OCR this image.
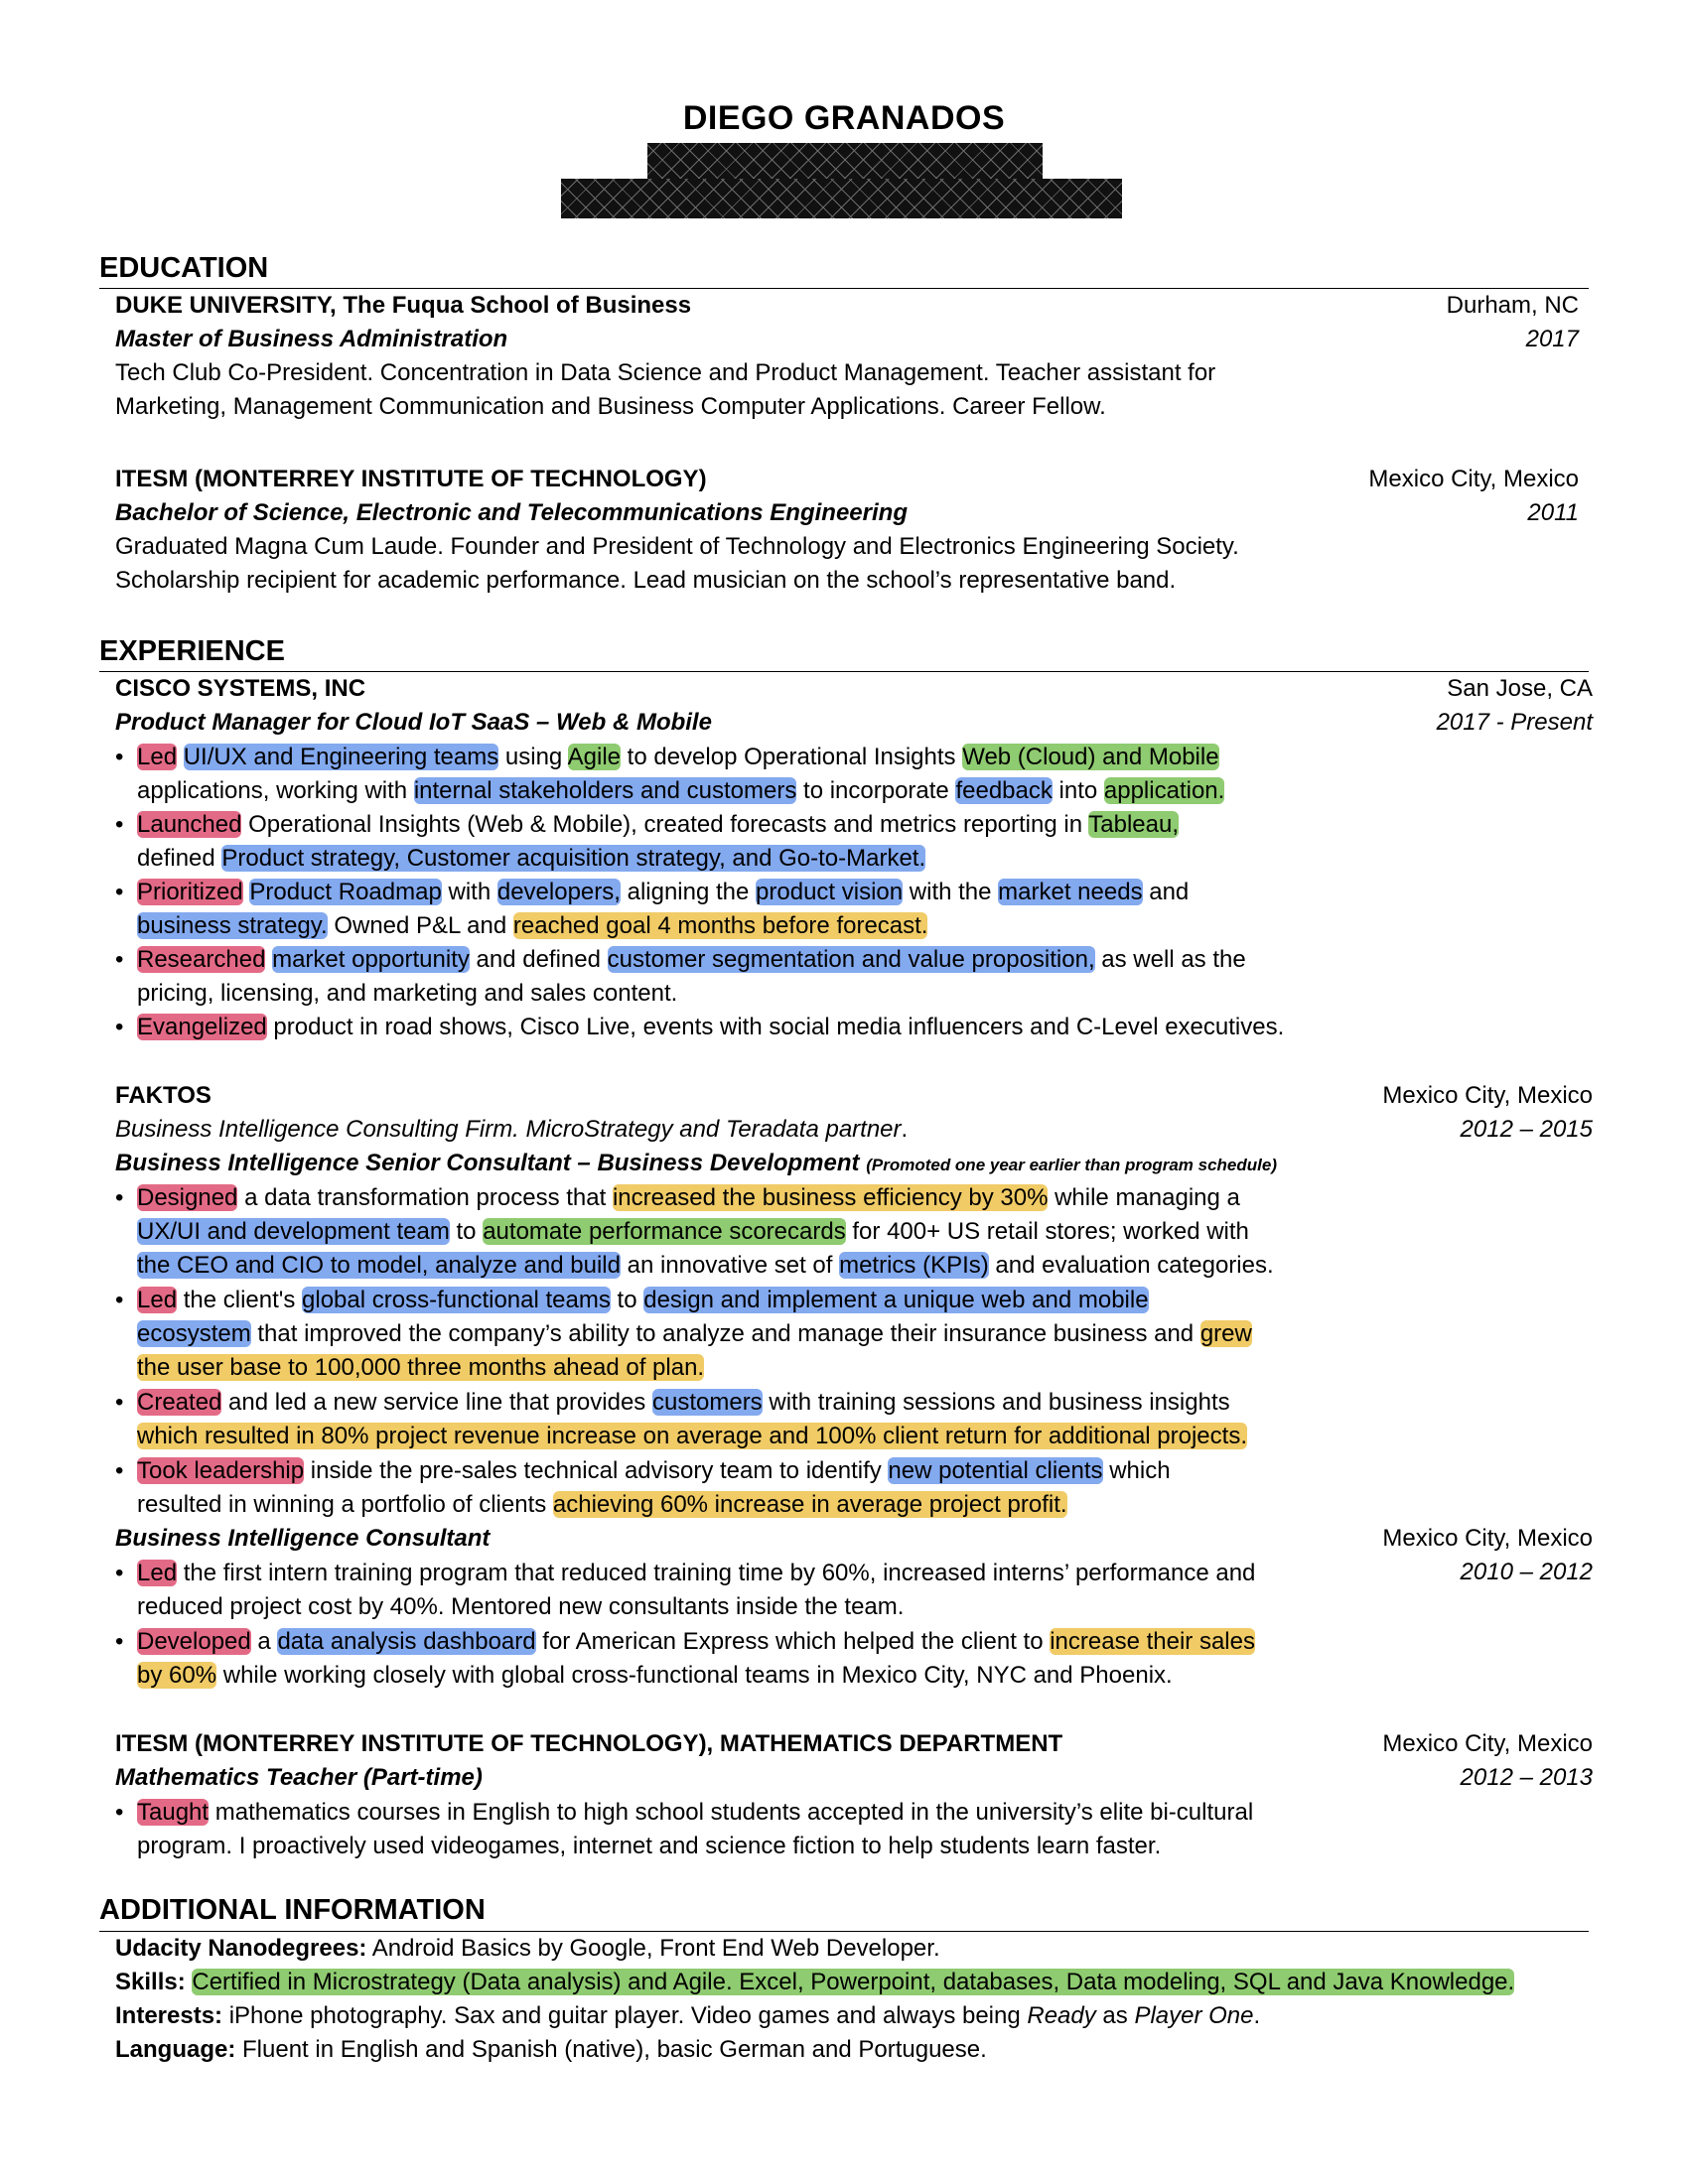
DIEGO GRANADOS
EDUCATION
DUKE UNIVERSITY, The Fuqua School of Business	Durham, NC
Master of Business Administration	2017
Tech Club Co-President. Concentration in Data Science and Product Management. Teacher assistant for
Marketing, Management Communication and Business Computer Applications. Career Fellow.
ITESM (MONTERREY INSTITUTE OF TECHNOLOGY)	Mexico City, Mexico
Bachelor of Science, Electronic and Telecommunications Engineering	2011
Graduated Magna Cum Laude. Founder and President of Technology and Electronics Engineering Society.
Scholarship recipient for academic performance. Lead musician on the school’s representative band.
EXPERIENCE
CISCO SYSTEMS, INC	San Jose, CA
Product Manager for Cloud IoT SaaS – Web & Mobile	2017 - Present
• Led UI/UX and Engineering teams using Agile to develop Operational Insights Web (Cloud) and Mobile
applications, working with internal stakeholders and customers to incorporate feedback into application.
• Launched Operational Insights (Web & Mobile), created forecasts and metrics reporting in Tableau,
defined Product strategy, Customer acquisition strategy, and Go-to-Market.
• Prioritized Product Roadmap with developers, aligning the product vision with the market needs and
business strategy. Owned P&L and reached goal 4 months before forecast.
• Researched market opportunity and defined customer segmentation and value proposition, as well as the
pricing, licensing, and marketing and sales content.
• Evangelized product in road shows, Cisco Live, events with social media influencers and C-Level executives.
FAKTOS	Mexico City, Mexico
Business Intelligence Consulting Firm. MicroStrategy and Teradata partner.	2012 – 2015
Business Intelligence Senior Consultant – Business Development (Promoted one year earlier than program schedule)
• Designed a data transformation process that increased the business efficiency by 30% while managing a
UX/UI and development team to automate performance scorecards for 400+ US retail stores; worked with
the CEO and CIO to model, analyze and build an innovative set of metrics (KPIs) and evaluation categories.
• Led the client's global cross-functional teams to design and implement a unique web and mobile
ecosystem that improved the company’s ability to analyze and manage their insurance business and grew
the user base to 100,000 three months ahead of plan.
• Created and led a new service line that provides customers with training sessions and business insights
which resulted in 80% project revenue increase on average and 100% client return for additional projects.
• Took leadership inside the pre-sales technical advisory team to identify new potential clients which
resulted in winning a portfolio of clients achieving 60% increase in average project profit.
Business Intelligence Consultant	Mexico City, Mexico
2010 – 2012
• Led the first intern training program that reduced training time by 60%, increased interns’ performance and
reduced project cost by 40%. Mentored new consultants inside the team.
• Developed a data analysis dashboard for American Express which helped the client to increase their sales
by 60% while working closely with global cross-functional teams in Mexico City, NYC and Phoenix.
ITESM (MONTERREY INSTITUTE OF TECHNOLOGY), MATHEMATICS DEPARTMENT	Mexico City, Mexico
Mathematics Teacher (Part-time)	2012 – 2013
• Taught mathematics courses in English to high school students accepted in the university’s elite bi-cultural
program. I proactively used videogames, internet and science fiction to help students learn faster.
ADDITIONAL INFORMATION
Udacity Nanodegrees: Android Basics by Google, Front End Web Developer.
Skills: Certified in Microstrategy (Data analysis) and Agile. Excel, Powerpoint, databases, Data modeling, SQL and Java Knowledge.
Interests: iPhone photography. Sax and guitar player. Video games and always being Ready as Player One.
Language: Fluent in English and Spanish (native), basic German and Portuguese.
